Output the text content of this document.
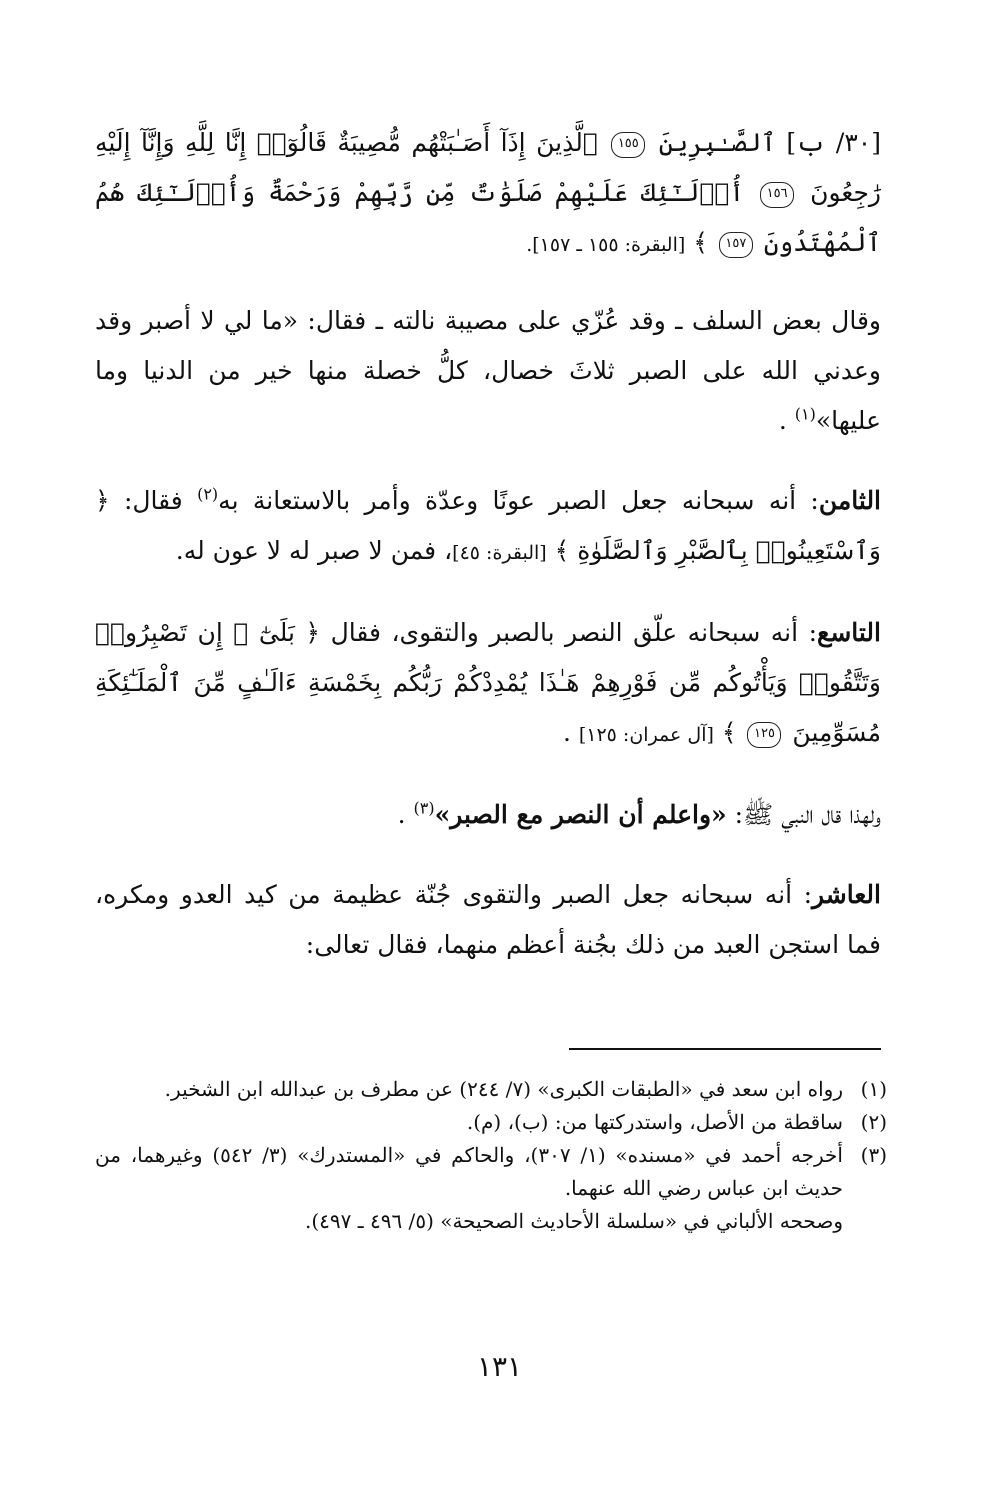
[٣٠/ ب] ٱلصَّـٰبِرِينَ ١٥٥ ٱلَّذِينَ إِذَآ أَصَـٰبَتْهُم مُّصِيبَةٌ قَالُوٓا۟ إِنَّا لِلَّهِ وَإِنَّآ إِلَيْهِ رَٰجِعُونَ ١٥٦ أُو۟لَـٰٓئِكَ عَلَيْهِمْ صَلَوَٰتٌ مِّن رَّبِّهِمْ وَرَحْمَةٌ وَأُو۟لَـٰٓئِكَ هُمُ ٱلْمُهْتَدُونَ ١٥٧ ﴾ [البقرة: ١٥٥ ـ ١٥٧].

وقال بعض السلف ـ وقد عُزّي على مصيبة نالته ـ فقال: «ما لي لا أصبر وقد وعدني الله على الصبر ثلاثَ خصال، كلُّ خصلة منها خير من الدنيا وما عليها»$^{(١)}$ .

الثامن: أنه سبحانه جعل الصبر عونًا وعدّة وأمر بالاستعانة به$^{(٢)}$ فقال: ﴿ وَٱسْتَعِينُوا۟ بِٱلصَّبْرِ وَٱلصَّلَوٰةِ ﴾ [البقرة: ٤٥]، فمن لا صبر له لا عون له.

التاسع: أنه سبحانه علّق النصر بالصبر والتقوى، فقال ﴿ بَلَىٰٓ ۚ إِن تَصْبِرُوا۟ وَتَتَّقُوا۟ وَيَأْتُوكُم مِّن فَوْرِهِمْ هَـٰذَا يُمْدِدْكُمْ رَبُّكُم بِخَمْسَةِ ءَالَـٰفٍ مِّنَ ٱلْمَلَـٰٓئِكَةِ مُسَوِّمِينَ ١٢٥ ﴾ [آل عمران: ١٢٥] .

ولهذا قال النبي ﷺ: «واعلم أن النصر مع الصبر»$^{(٣)}$ .

العاشر: أنه سبحانه جعل الصبر والتقوى جُنّة عظيمة من كيد العدو ومكره، فما استجن العبد من ذلك بجُنة أعظم منهما، فقال تعالى:

(١)
رواه ابن سعد في «الطبقات الكبرى» (٧/ ٢٤٤) عن مطرف بن عبدالله ابن الشخير.
(٢)
ساقطة من الأصل، واستدركتها من: (ب)، (م).
(٣)
أخرجه أحمد في «مسنده» (١/ ٣٠٧)، والحاكم في «المستدرك» (٣/ ٥٤٢) وغيرهما، من حديث ابن عباس رضي الله عنهما.
وصححه الألباني في «سلسلة الأحاديث الصحيحة» (٥/ ٤٩٦ ـ ٤٩٧).
١٣١
